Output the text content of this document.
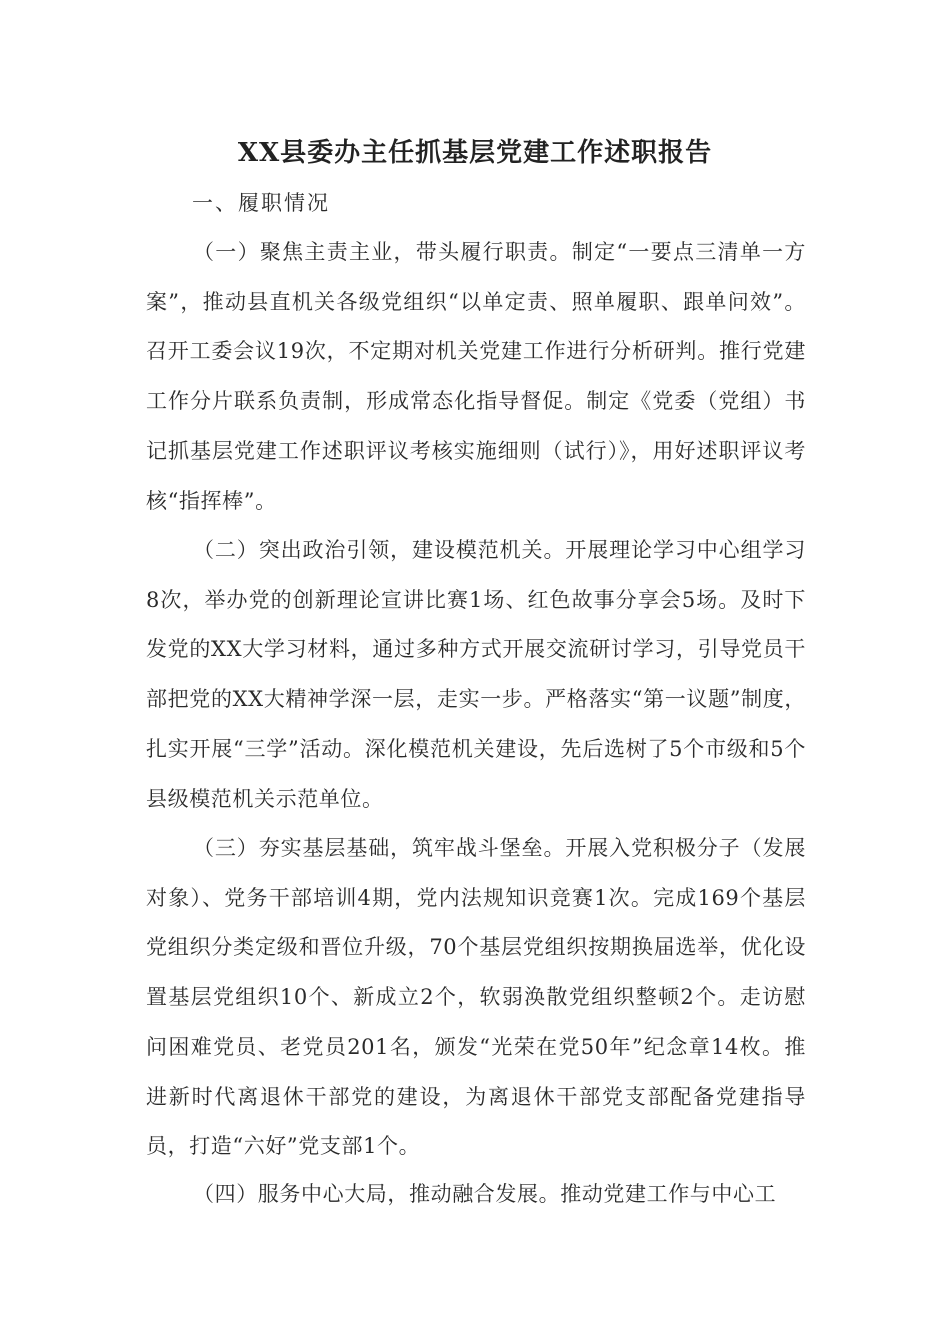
XX县委办主任抓基层党建工作述职报告
一、履职情况

（一）聚焦主责主业，带头履行职责。制定“一要点三清单一方案”，推动县直机关各级党组织“以单定责、照单履职、跟单问效”。召开工委会议19次，不定期对机关党建工作进行分析研判。推行党建工作分片联系负责制，形成常态化指导督促。制定《党委（党组）书记抓基层党建工作述职评议考核实施细则（试行）》，用好述职评议考核“指挥棒”。

（二）突出政治引领，建设模范机关。开展理论学习中心组学习8次，举办党的创新理论宣讲比赛1场、红色故事分享会5场。及时下发党的XX大学习材料，通过多种方式开展交流研讨学习，引导党员干部把党的XX大精神学深一层，走实一步。严格落实“第一议题”制度，扎实开展“三学”活动。深化模范机关建设，先后选树了5个市级和5个县级模范机关示范单位。

（三）夯实基层基础，筑牢战斗堡垒。开展入党积极分子（发展对象）、党务干部培训4期，党内法规知识竞赛1次。完成169个基层党组织分类定级和晋位升级，70个基层党组织按期换届选举，优化设置基层党组织10个、新成立2个，软弱涣散党组织整顿2个。走访慰问困难党员、老党员201名，颁发“光荣在党50年”纪念章14枚。推进新时代离退休干部党的建设，为离退休干部党支部配备党建指导员，打造“六好”党支部1个。

（四）服务中心大局，推动融合发展。推动党建工作与中心工
